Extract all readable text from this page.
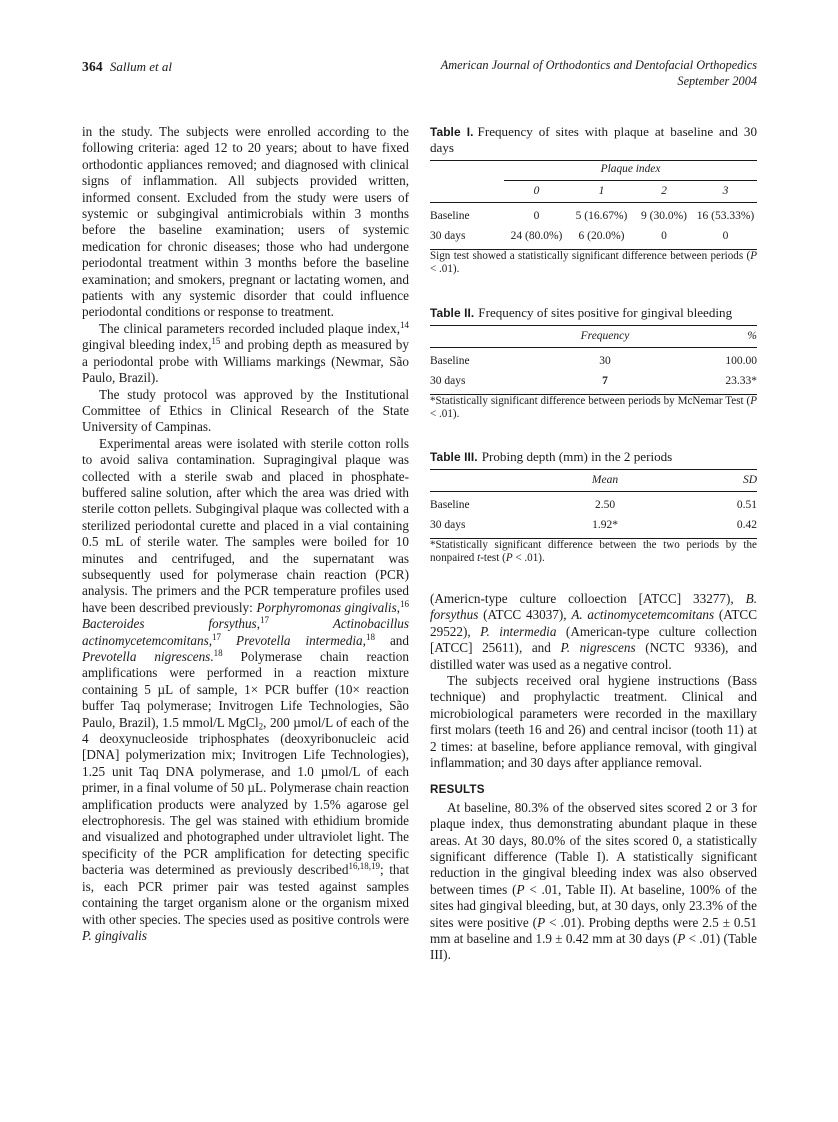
364 Sallum et al	American Journal of Orthodontics and Dentofacial Orthopedics
September 2004

in the study. The subjects were enrolled according to the following criteria: aged 12 to 20 years; about to have fixed orthodontic appliances removed; and diagnosed with clinical signs of inflammation. All subjects provided written, informed consent. Excluded from the study were users of systemic or subgingival antimicrobials within 3 months before the baseline examination; users of systemic medication for chronic diseases; those who had undergone periodontal treatment within 3 months before the baseline examination; and smokers, pregnant or lactating women, and patients with any systemic disorder that could influence periodontal conditions or response to treatment.

The clinical parameters recorded included plaque index,$^{14}$ gingival bleeding index,$^{15}$ and probing depth as measured by a periodontal probe with Williams markings (Newmar, São Paulo, Brazil).

The study protocol was approved by the Institutional Committee of Ethics in Clinical Research of the State University of Campinas.

Experimental areas were isolated with sterile cotton rolls to avoid saliva contamination. Supragingival plaque was collected with a sterile swab and placed in phosphate-buffered saline solution, after which the area was dried with sterile cotton pellets. Subgingival plaque was collected with a sterilized periodontal curette and placed in a vial containing 0.5 mL of sterile water. The samples were boiled for 10 minutes and centrifuged, and the supernatant was subsequently used for polymerase chain reaction (PCR) analysis. The primers and the PCR temperature profiles used have been described previously: Porphyromonas gingivalis,$^{16}$ Bacteroides forsythus,$^{17}$	Actinobacillus actinomycetemcomitans,$^{17}$ Prevotella intermedia,$^{18}$ and Prevotella nigrescens.$^{18}$ Polymerase chain reaction amplifications were performed in a reaction mixture containing 5 µL of sample, 1× PCR buffer (10× reaction buffer Taq polymerase; Invitrogen Life Technologies, São Paulo, Brazil), 1.5 mmol/L MgCl$_2$, 200 µmol/L of each of the 4 deoxynucleoside triphosphates (deoxyribonucleic acid [DNA] polymerization mix; Invitrogen Life Technologies), 1.25 unit Taq DNA polymerase, and 1.0 µmol/L of each primer, in a final volume of 50 µL. Polymerase chain reaction amplification products were analyzed by 1.5% agarose gel electrophoresis. The gel was stained with ethidium bromide and visualized and photographed under ultraviolet light. The specificity of the PCR amplification for detecting specific bacteria was determined as previously described$^{16,18,19}$; that is, each PCR primer pair was tested against samples containing the target organism alone or the organism mixed with other species. The species used as positive controls were P. gingivalis

Table I. Frequency of sites with plaque at baseline and 30 days
	Plaque index			

	0	1	2	3
Baseline	0	5 (16.67%)	9 (30.0%)	16 (53.33%)
30 days	24 (80.0%)	6 (20.0%)	0	0

Sign test showed a statistically significant difference between periods (P < .01).

Table II. Frequency of sites positive for gingival bleeding
	Frequency	%
Baseline	30	100.00
30 days	7	23.33*

*Statistically significant difference between periods by McNemar Test (P < .01).

Table III. Probing depth (mm) in the 2 periods
	Mean	SD
Baseline	2.50	0.51
30 days	1.92*	0.42

*Statistically significant difference between the two periods by the nonpaired t-test (P < .01).

(Americn-type culture colloection [ATCC] 33277), B. forsythus (ATCC 43037), A. actinomycetemcomitans (ATCC 29522), P. intermedia (American-type culture collection [ATCC] 25611), and P. nigrescens (NCTC 9336), and distilled water was used as a negative control.

The subjects received oral hygiene instructions (Bass technique) and prophylactic treatment. Clinical and microbiological parameters were recorded in the maxillary first molars (teeth 16 and 26) and central incisor (tooth 11) at 2 times: at baseline, before appliance removal, with gingival inflammation; and 30 days after appliance removal.

RESULTS

At baseline, 80.3% of the observed sites scored 2 or 3 for plaque index, thus demonstrating abundant plaque in these areas. At 30 days, 80.0% of the sites scored 0, a statistically significant difference (Table I). A statistically significant reduction in the gingival bleeding index was also observed between times (P < .01, Table II). At baseline, 100% of the sites had gingival bleeding, but, at 30 days, only 23.3% of the sites were positive (P < .01). Probing depths were 2.5 ± 0.51 mm at baseline and 1.9 ± 0.42 mm at 30 days (P < .01) (Table III).
